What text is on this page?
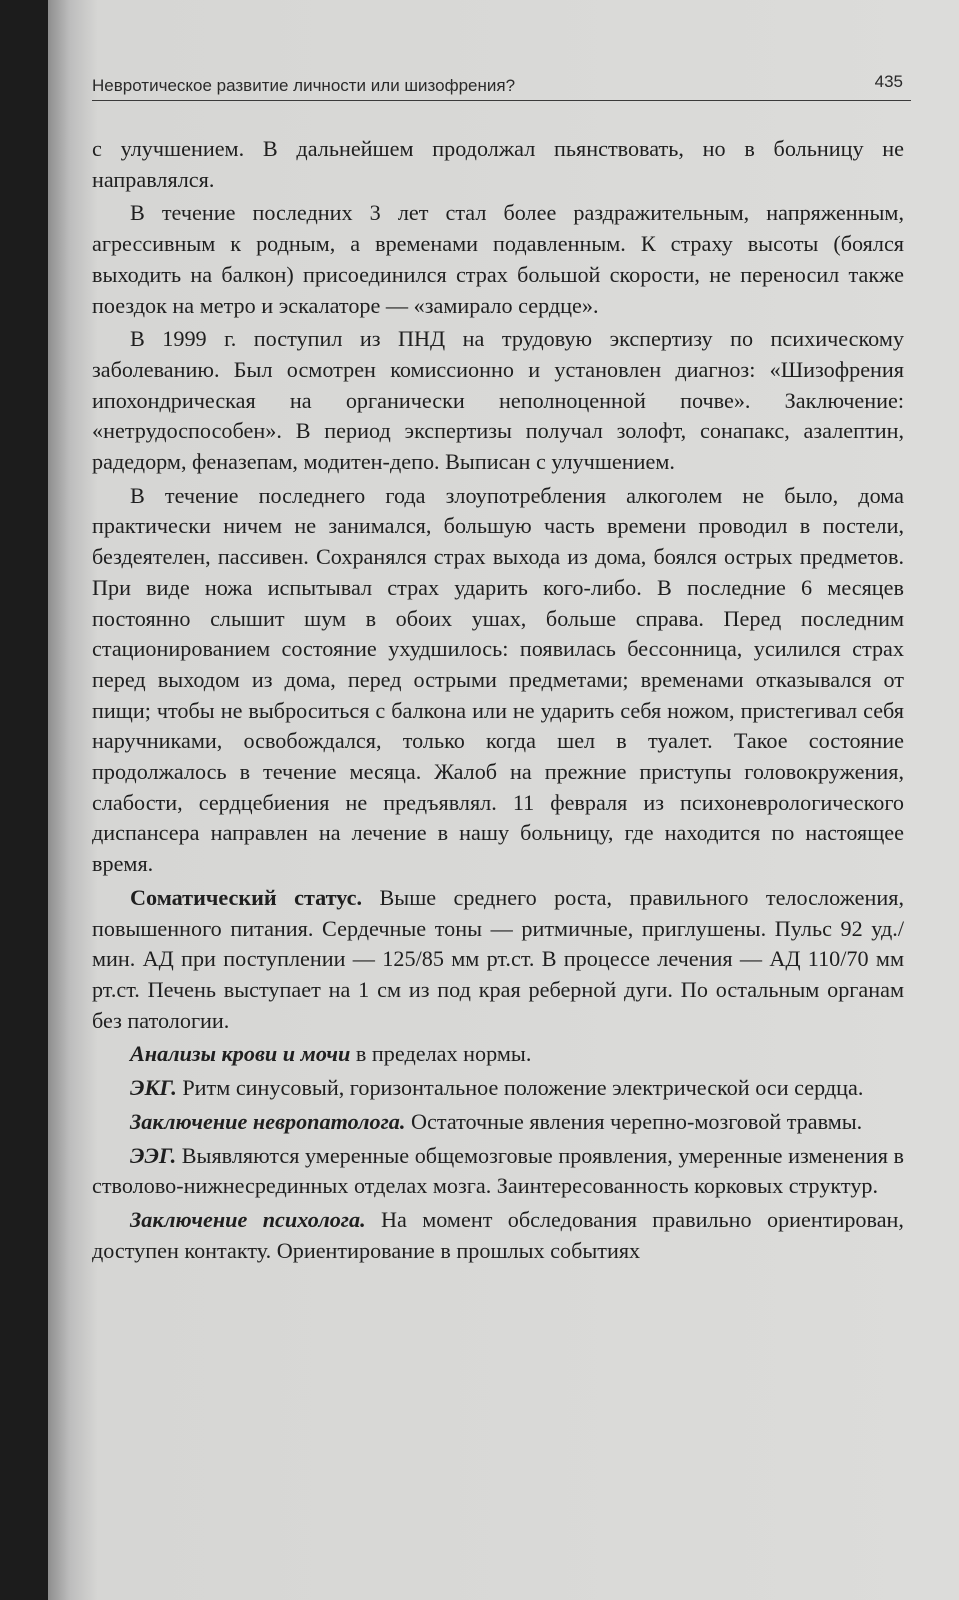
Невротическое развитие личности или шизофрения?	435

с улучшением. В дальнейшем продолжал пьянствовать, но в больницу не направлялся.

В течение последних 3 лет стал более раздражительным, напряженным, агрессивным к родным, а временами подавленным. К страху высоты (боялся выходить на балкон) присоединился страх большой скорости, не переносил также поездок на метро и эскалаторе — «замирало сердце».

В 1999 г. поступил из ПНД на трудовую экспертизу по психическому заболеванию. Был осмотрен комиссионно и установлен диагноз: «Шизофрения ипохондрическая на органически неполноценной почве». Заключение: «нетрудоспособен». В период экспертизы получал золофт, сонапакс, азалептин, радедорм, феназепам, модитен-депо. Выписан с улучшением.

В течение последнего года злоупотребления алкоголем не было, дома практически ничем не занимался, большую часть времени проводил в постели, бездеятелен, пассивен. Сохранялся страх выхода из дома, боялся острых предметов. При виде ножа испытывал страх ударить кого-либо. В последние 6 месяцев постоянно слышит шум в обоих ушах, больше справа. Перед последним стационированием состояние ухудшилось: появилась бессонница, усилился страх перед выходом из дома, перед острыми предметами; временами отказывался от пищи; чтобы не выброситься с балкона или не ударить себя ножом, пристегивал себя наручниками, освобождался, только когда шел в туалет. Такое состояние продолжалось в течение месяца. Жалоб на прежние приступы головокружения, слабости, сердцебиения не предъявлял. 11 февраля из психоневрологического диспансера направлен на лечение в нашу больницу, где находится по настоящее время.

Соматический статус. Выше среднего роста, правильного телосложения, повышенного питания. Сердечные тоны — ритмичные, приглушены. Пульс 92 уд./мин. АД при поступлении — 125/85 мм рт.ст. В процессе лечения — АД 110/70 мм рт.ст. Печень выступает на 1 см из под края реберной дуги. По остальным органам без патологии.

Анализы крови и мочи в пределах нормы.

ЭКГ. Ритм синусовый, горизонтальное положение электрической оси сердца.

Заключение невропатолога. Остаточные явления черепно-мозговой травмы.

ЭЭГ. Выявляются умеренные общемозговые проявления, умеренные изменения в стволово-нижнесрединных отделах мозга. Заинтересованность корковых структур.

Заключение психолога. На момент обследования правильно ориентирован, доступен контакту. Ориентирование в прошлых событиях
